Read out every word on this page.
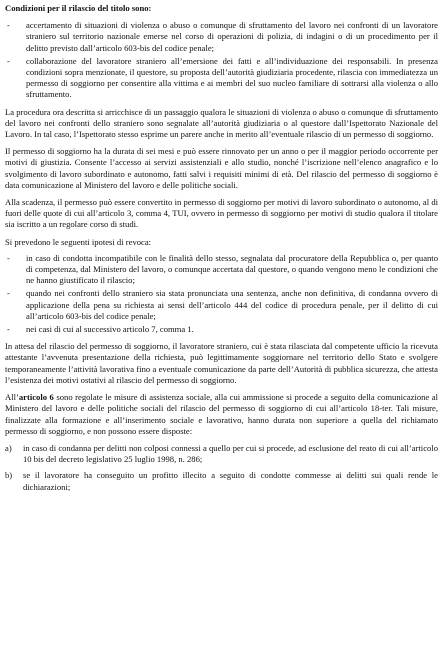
Condizioni per il rilascio del titolo sono:
- accertamento di situazioni di violenza o abuso o comunque di sfruttamento del lavoro nei confronti di un lavoratore straniero sul territorio nazionale emerse nel corso di operazioni di polizia, di indagini o di un procedimento per il delitto previsto dall’articolo 603-bis del codice penale;
- collaborazione del lavoratore straniero all’emersione dei fatti e all’individuazione dei responsabili. In presenza condizioni sopra menzionate, il questore, su proposta dell’autorità giudiziaria procedente, rilascia con immediatezza un permesso di soggiorno per consentire alla vittima e ai membri del suo nucleo familiare di sottrarsi alla violenza o allo sfruttamento.

La procedura ora descritta si arricchisce di un passaggio qualora le situazioni di violenza o abuso o comunque di sfruttamento del lavoro nei confronti dello straniero sono segnalate all’autorità giudiziaria o al questore dall’Ispettorato Nazionale del Lavoro. In tal caso, l’Ispettorato stesso esprime un parere anche in merito all’eventuale rilascio di un permesso di soggiorno.

Il permesso di soggiorno ha la durata di sei mesi e può essere rinnovato per un anno o per il maggior periodo occorrente per motivi di giustizia. Consente l’accesso ai servizi assistenziali e allo studio, nonché l’iscrizione nell’elenco anagrafico e lo svolgimento di lavoro subordinato e autonomo, fatti salvi i requisiti minimi di età. Del rilascio del permesso di soggiorno è data comunicazione al Ministero del lavoro e delle politiche sociali.

Alla scadenza, il permesso può essere convertito in permesso di soggiorno per motivi di lavoro subordinato o autonomo, al di fuori delle quote di cui all’articolo 3, comma 4, TUI, ovvero in permesso di soggiorno per motivi di studio qualora il titolare sia iscritto a un regolare corso di studi.

Si prevedono le seguenti ipotesi di revoca:

- in caso di condotta incompatibile con le finalità dello stesso, segnalata dal procuratore della Repubblica o, per quanto di competenza, dal Ministero del lavoro, o comunque accertata dal questore, o quando vengono meno le condizioni che ne hanno giustificato il rilascio;
- quando nei confronti dello straniero sia stata pronunciata una sentenza, anche non definitiva, di condanna ovvero di applicazione della pena su richiesta ai sensi dell’articolo 444 del codice di procedura penale, per il delitto di cui all’articolo 603-bis del codice penale;
- nei casi di cui al successivo articolo 7, comma 1.

In attesa del rilascio del permesso di soggiorno, il lavoratore straniero, cui è stata rilasciata dal competente ufficio la ricevuta attestante l’avvenuta presentazione della richiesta, può legittimamente soggiornare nel territorio dello Stato e svolgere temporaneamente l’attività lavorativa fino a eventuale comunicazione da parte dell’Autorità di pubblica sicurezza, che attesta l’esistenza dei motivi ostativi al rilascio del permesso di soggiorno.

All’articolo 6 sono regolate le misure di assistenza sociale, alla cui ammissione si procede a seguito della comunicazione al Ministero del lavoro e delle politiche sociali del rilascio del permesso di soggiorno di cui all’articolo 18-ter. Tali misure, finalizzate alla formazione e all’inserimento sociale e lavorativo, hanno durata non superiore a quella del richiamato permesso di soggiorno, e non possono essere disposte:

a) in caso di condanna per delitti non colposi connessi a quello per cui si procede, ad esclusione del reato di cui all’articolo 10 bis del decreto legislativo 25 luglio 1998, n. 286;
b) se il lavoratore ha conseguito un profitto illecito a seguito di condotte commesse ai delitti sui quali rende le dichiarazioni;
